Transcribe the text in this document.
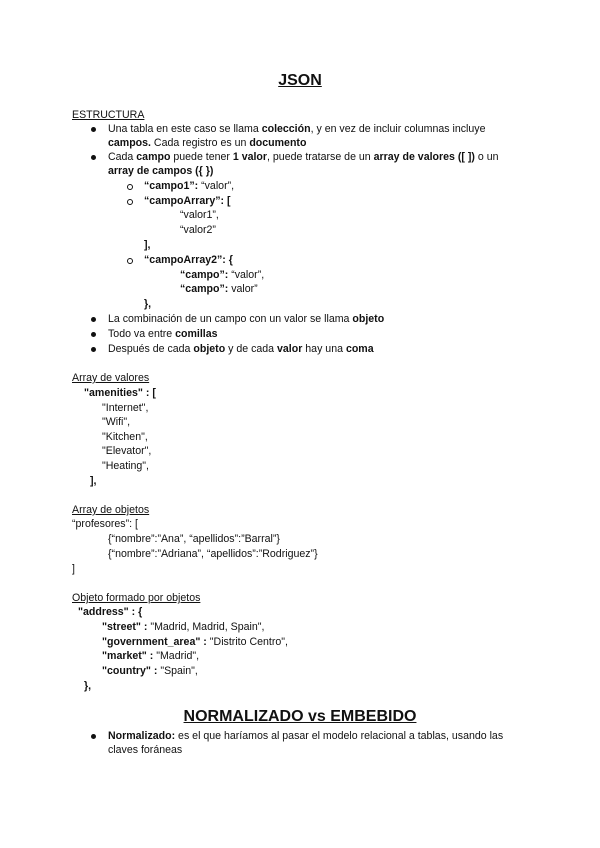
JSON
ESTRUCTURA
Una tabla en este caso se llama colección, y en vez de incluir columnas incluye
campos. Cada registro es un documento
Cada campo puede tener 1 valor, puede tratarse de un array de valores ([ ]) o un
array de campos ({ })
“campo1”: “valor”,
“campoArrary”: [
“valor1”,
“valor2”
],
“campoArray2”: {
“campo”: “valor”,
“campo”: valor”
},
La combinación de un campo con un valor se llama objeto
Todo va entre comillas
Después de cada objeto y de cada valor hay una coma
Array de valores
"amenities" : [
"Internet",
"Wifi",
"Kitchen",
"Elevator",
"Heating",
],
Array de objetos
“profesores”: [
{“nombre”:”Ana”, “apellidos”:”Barral”}
{“nombre”:”Adriana”, “apellidos”:”Rodriguez”}
]
Objeto formado por objetos
"address" : {
"street" : "Madrid, Madrid, Spain",
"government_area" : "Distrito Centro",
"market" : "Madrid",
"country" : "Spain",
},
NORMALIZADO vs EMBEBIDO
Normalizado: es el que haríamos al pasar el modelo relacional a tablas, usando las
claves foráneas
